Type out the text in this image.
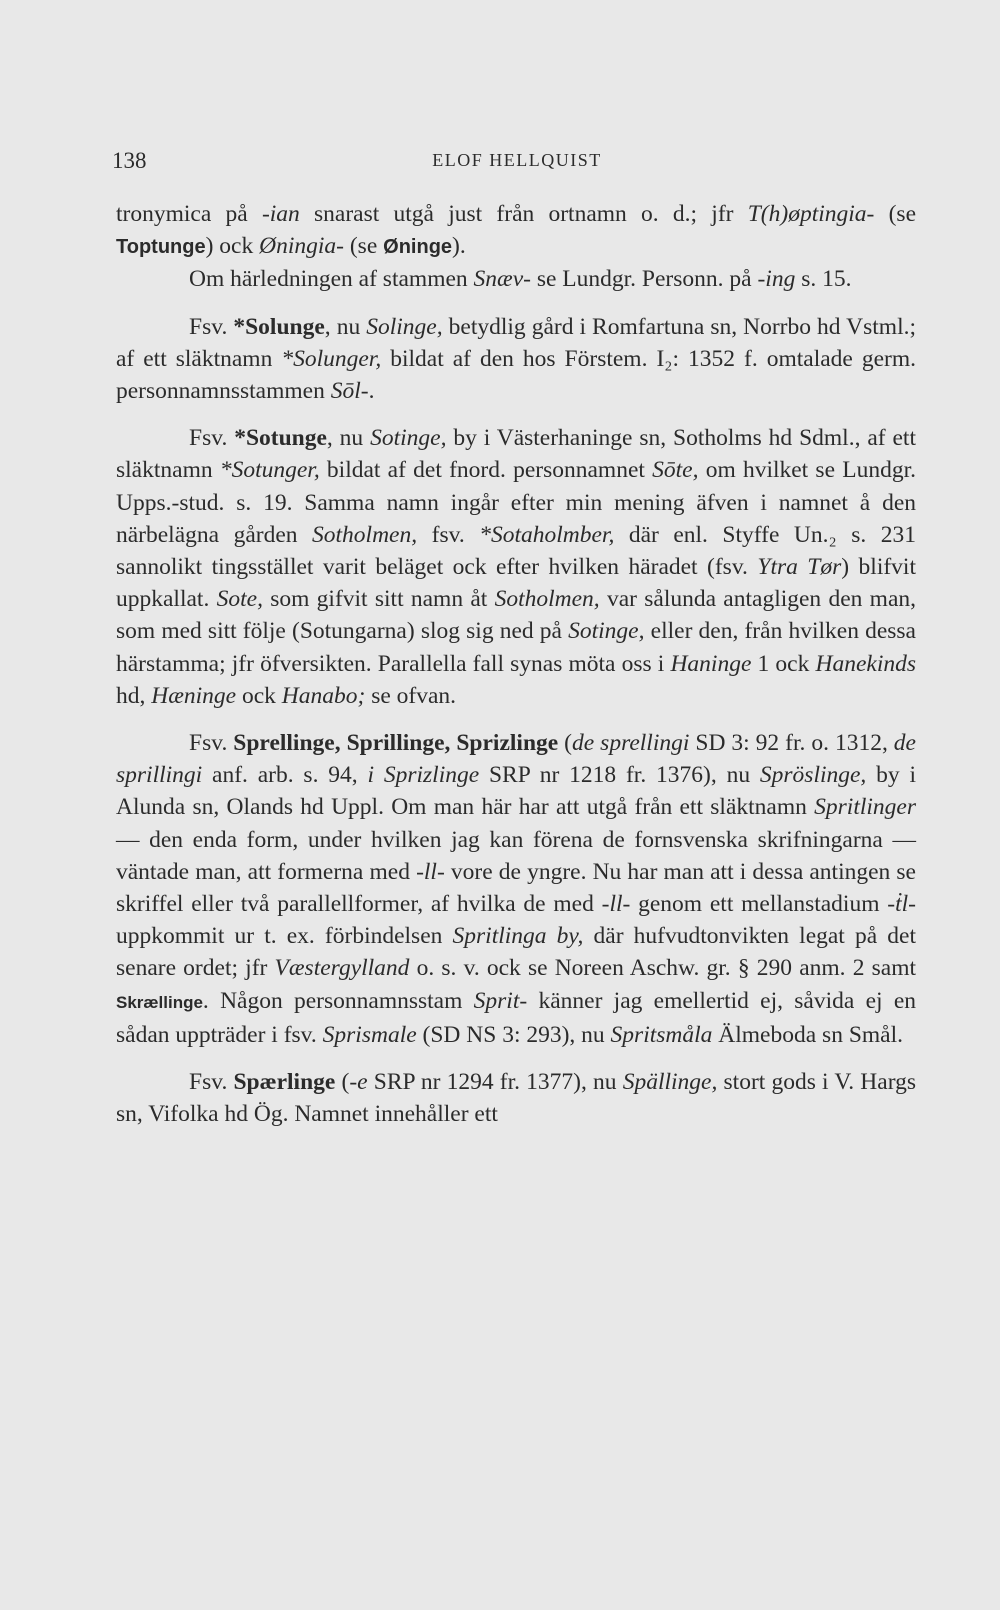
138	ELOF HELLQUIST

tronymica på -ian snarast utgå just från ortnamn o. d.; jfr T(h)øptingia- (se Toptunge) ock Øningia- (se Øninge).

Om härledningen af stammen Snæv- se Lundgr. Personn. på -ing s. 15.

Fsv. *Solunge, nu Solinge, betydlig gård i Romfartuna sn, Norrbo hd Vstml.; af ett släktnamn *Solunger, bildat af den hos Förstem. I₂: 1352 f. omtalade germ. personnamnsstammen Sōl-.

Fsv. *Sotunge, nu Sotinge, by i Västerhaninge sn, Sotholms hd Sdml., af ett släktnamn *Sotunger, bildat af det fnord. personnamnet Sōte, om hvilket se Lundgr. Upps.-stud. s. 19. Samma namn ingår efter min mening äfven i namnet å den närbelägna gården Sotholmen, fsv. *Sotaholmber, där enl. Styffe Un.₂ s. 231 sannolikt tingsstället varit beläget ock efter hvilken häradet (fsv. Ytra Tør) blifvit uppkallat. Sote, som gifvit sitt namn åt Sotholmen, var sålunda antagligen den man, som med sitt följe (Sotungarna) slog sig ned på Sotinge, eller den, från hvilken dessa härstamma; jfr öfversikten. Parallella fall synas möta oss i Haninge 1 ock Hanekinds hd, Hæninge ock Hanabo; se ofvan.

Fsv. Sprellinge, Sprillinge, Sprizlinge (de sprellingi SD 3: 92 fr. o. 1312, de sprillingi anf. arb. s. 94, i Sprizlinge SRP nr 1218 fr. 1376), nu Spröslinge, by i Alunda sn, Olands hd Uppl. Om man här har att utgå från ett släktnamn Spritlinger — den enda form, under hvilken jag kan förena de fornsvenska skrifningarna — väntade man, att formerna med -ll- vore de yngre. Nu har man att i dessa antingen se skriffel eller två parallellformer, af hvilka de med -ll- genom ett mellanstadium -ṫl- uppkommit ur t. ex. förbindelsen Spritlinga by, där hufvudtonvikten legat på det senare ordet; jfr Væstergylland o. s. v. ock se Noreen Aschw. gr. § 290 anm. 2 samt Skrællinge. Någon personnamnsstam Sprit- känner jag emellertid ej, såvida ej en sådan uppträder i fsv. Sprismale (SD NS 3: 293), nu Spritsmåla Älmeboda sn Smål.

Fsv. Spærlinge (-e SRP nr 1294 fr. 1377), nu Spällinge, stort gods i V. Hargs sn, Vifolka hd Ög. Namnet innehåller ett
